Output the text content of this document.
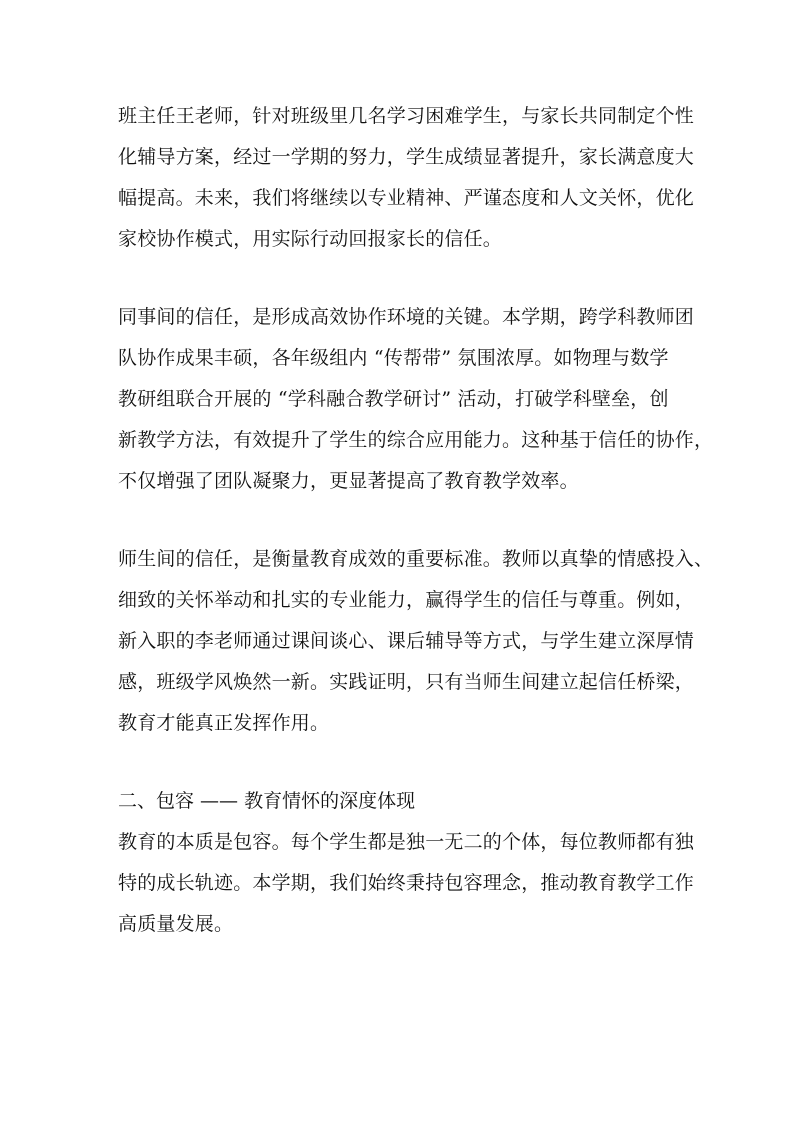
班主任王老师，针对班级里几名学习困难学生，与家长共同制定个性
化辅导方案，经过一学期的努力，学生成绩显著提升，家长满意度大
幅提高。未来，我们将继续以专业精神、严谨态度和人文关怀，优化
家校协作模式，用实际行动回报家长的信任。
同事间的信任，是形成高效协作环境的关键。本学期，跨学科教师团
队协作成果丰硕，各年级组内 “传帮带” 氛围浓厚。如物理与数学
教研组联合开展的 “学科融合教学研讨” 活动，打破学科壁垒，创
新教学方法，有效提升了学生的综合应用能力。这种基于信任的协作，
不仅增强了团队凝聚力，更显著提高了教育教学效率。
师生间的信任，是衡量教育成效的重要标准。教师以真挚的情感投入、
细致的关怀举动和扎实的专业能力，赢得学生的信任与尊重。例如，
新入职的李老师通过课间谈心、课后辅导等方式，与学生建立深厚情
感，班级学风焕然一新。实践证明，只有当师生间建立起信任桥梁，
教育才能真正发挥作用。
二、包容 —— 教育情怀的深度体现
教育的本质是包容。每个学生都是独一无二的个体，每位教师都有独
特的成长轨迹。本学期，我们始终秉持包容理念，推动教育教学工作
高质量发展。
